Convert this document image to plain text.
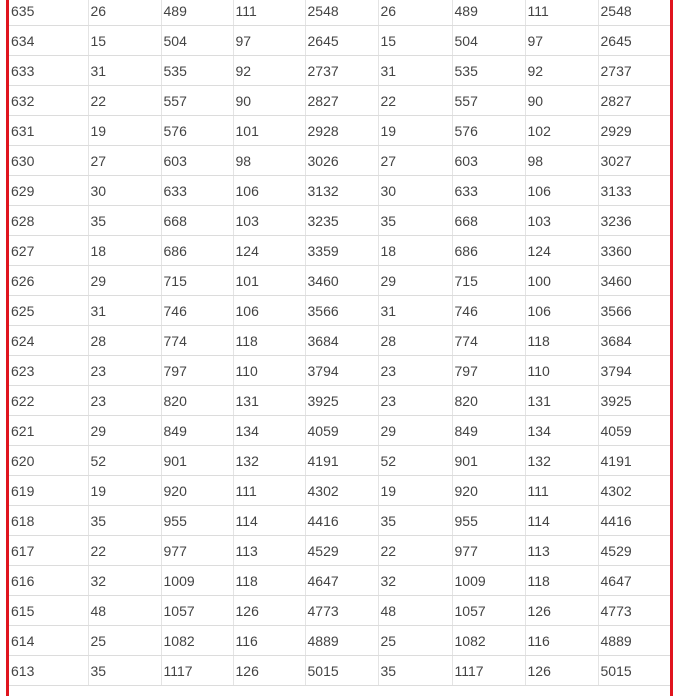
635	26	489	111	2548	26	489	111	2548
634	15	504	97	2645	15	504	97	2645
633	31	535	92	2737	31	535	92	2737
632	22	557	90	2827	22	557	90	2827
631	19	576	101	2928	19	576	102	2929
630	27	603	98	3026	27	603	98	3027
629	30	633	106	3132	30	633	106	3133
628	35	668	103	3235	35	668	103	3236
627	18	686	124	3359	18	686	124	3360
626	29	715	101	3460	29	715	100	3460
625	31	746	106	3566	31	746	106	3566
624	28	774	118	3684	28	774	118	3684
623	23	797	110	3794	23	797	110	3794
622	23	820	131	3925	23	820	131	3925
621	29	849	134	4059	29	849	134	4059
620	52	901	132	4191	52	901	132	4191
619	19	920	111	4302	19	920	111	4302
618	35	955	114	4416	35	955	114	4416
617	22	977	113	4529	22	977	113	4529
616	32	1009	118	4647	32	1009	118	4647
615	48	1057	126	4773	48	1057	126	4773
614	25	1082	116	4889	25	1082	116	4889
613	35	1117	126	5015	35	1117	126	5015
